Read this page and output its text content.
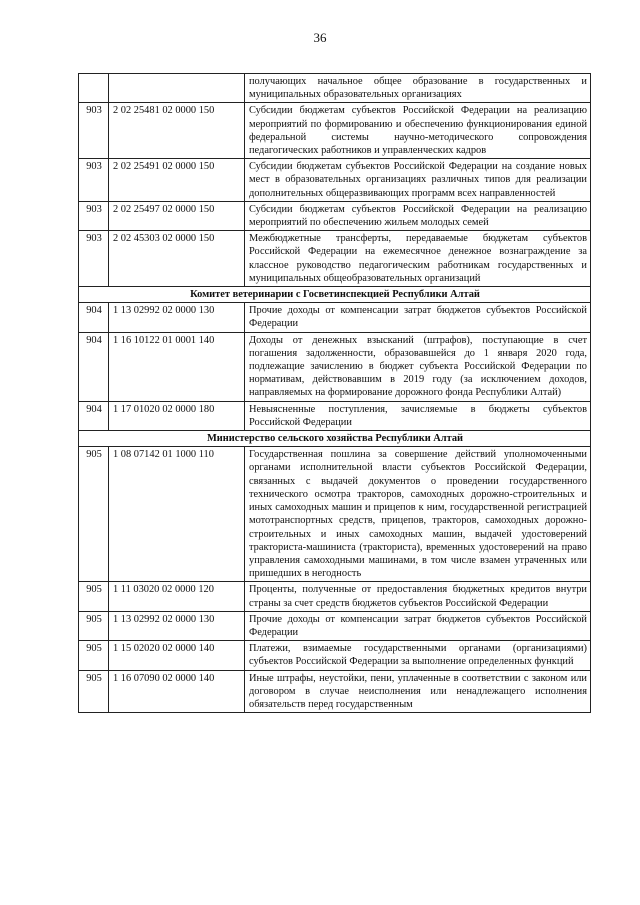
36
		получающих начальное общее образование в государственных и муниципальных образовательных организациях
903	2 02 25481 02 0000 150	Субсидии бюджетам субъектов Российской Федерации на реализацию мероприятий по формированию и обеспечению функционирования единой федеральной системы научно-методического сопровождения педагогических работников и управленческих кадров
903	2 02 25491 02 0000 150	Субсидии бюджетам субъектов Российской Федерации на создание новых мест в образовательных организациях различных типов для реализации дополнительных общеразвивающих программ всех направленностей
903	2 02 25497 02 0000 150	Субсидии бюджетам субъектов Российской Федерации на реализацию мероприятий по обеспечению жильем молодых семей
903	2 02 45303 02 0000 150	Межбюджетные трансферты, передаваемые бюджетам субъектов Российской Федерации на ежемесячное денежное вознаграждение за классное руководство педагогическим работникам государственных и муниципальных общеобразовательных организаций
Комитет ветеринарии с Госветинспекцией Республики Алтай		
904	1 13 02992 02 0000 130	Прочие доходы от компенсации затрат бюджетов субъектов Российской Федерации
904	1 16 10122 01 0001 140	Доходы от денежных взысканий (штрафов), поступающие в счет погашения задолженности, образовавшейся до 1 января 2020 года, подлежащие зачислению в бюджет субъекта Российской Федерации по нормативам, действовавшим в 2019 году (за исключением доходов, направляемых на формирование дорожного фонда Республики Алтай)
904	1 17 01020 02 0000 180	Невыясненные поступления, зачисляемые в бюджеты субъектов Российской Федерации
Министерство сельского хозяйства Республики Алтай		
905	1 08 07142 01 1000 110	Государственная пошлина за совершение действий уполномоченными органами исполнительной власти субъектов Российской Федерации, связанных с выдачей документов о проведении государственного технического осмотра тракторов, самоходных дорожно-строительных и иных самоходных машин и прицепов к ним, государственной регистрацией мототранспортных средств, прицепов, тракторов, самоходных дорожно-строительных и иных самоходных машин, выдачей удостоверений тракториста-машиниста (тракториста), временных удостоверений на право управления самоходными машинами, в том числе взамен утраченных или пришедших в негодность
905	1 11 03020 02 0000 120	Проценты, полученные от предоставления бюджетных кредитов внутри страны за счет средств бюджетов субъектов Российской Федерации
905	1 13 02992 02 0000 130	Прочие доходы от компенсации затрат бюджетов субъектов Российской Федерации
905	1 15 02020 02 0000 140	Платежи, взимаемые государственными органами (организациями) субъектов Российской Федерации за выполнение определенных функций
905	1 16 07090 02 0000 140	Иные штрафы, неустойки, пени, уплаченные в соответствии с законом или договором в случае неисполнения или ненадлежащего исполнения обязательств перед государственным
